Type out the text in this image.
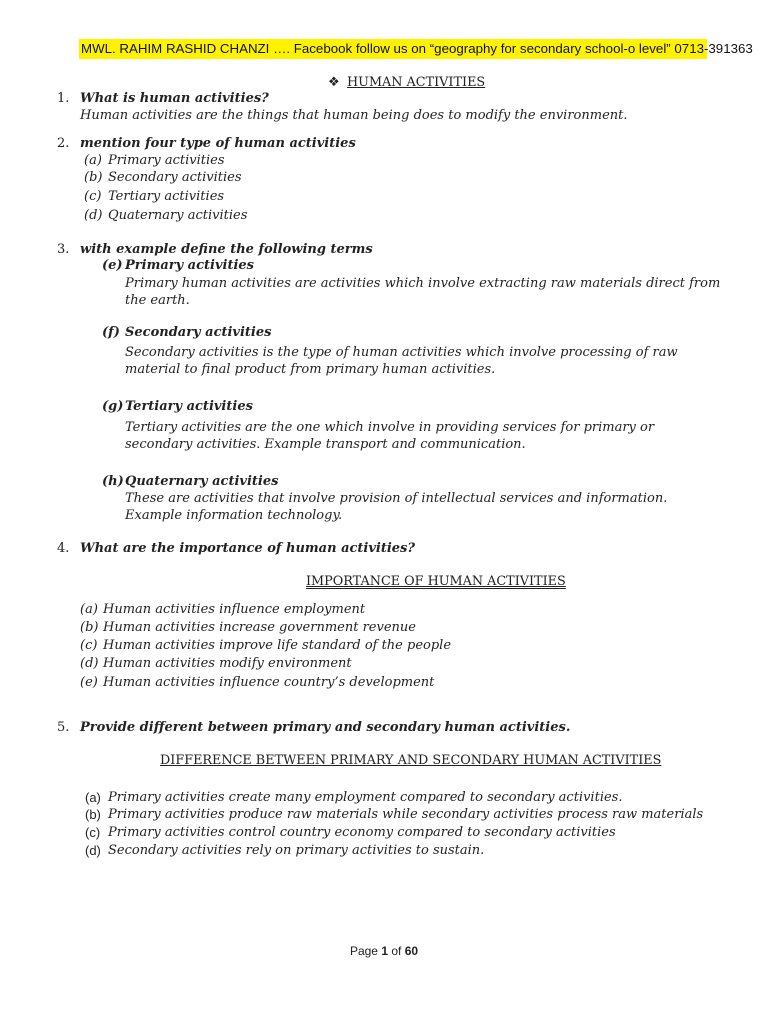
MWL. RAHIM RASHID CHANZI …. Facebook follow us on “geography for secondary school-o level” 0713-391363
❖ HUMAN ACTIVITIES
1. What is human activities?
Human activities are the things that human being does to modify the environment.
2. mention four type of human activities
(a) Primary activities
(b) Secondary activities
(c) Tertiary activities
(d) Quaternary activities
3. with example define the following terms
(e) Primary activities
Primary human activities are activities which involve extracting raw materials direct from the earth.
(f) Secondary activities
Secondary activities is the type of human activities which involve processing of raw material to final product from primary human activities.
(g) Tertiary activities
Tertiary activities are the one which involve in providing services for primary or secondary activities. Example transport and communication.
(h) Quaternary activities
These are activities that involve provision of intellectual services and information. Example information technology.
4. What are the importance of human activities?
IMPORTANCE OF HUMAN ACTIVITIES
(a) Human activities influence employment
(b) Human activities increase government revenue
(c) Human activities improve life standard of the people
(d) Human activities modify environment
(e) Human activities influence country’s development
5. Provide different between primary and secondary human activities.
DIFFERENCE BETWEEN PRIMARY AND SECONDARY HUMAN ACTIVITIES
(a) Primary activities create many employment compared to secondary activities.
(b) Primary activities produce raw materials while secondary activities process raw materials
(c) Primary activities control country economy compared to secondary activities
(d) Secondary activities rely on primary activities to sustain.
Page 1 of 60
